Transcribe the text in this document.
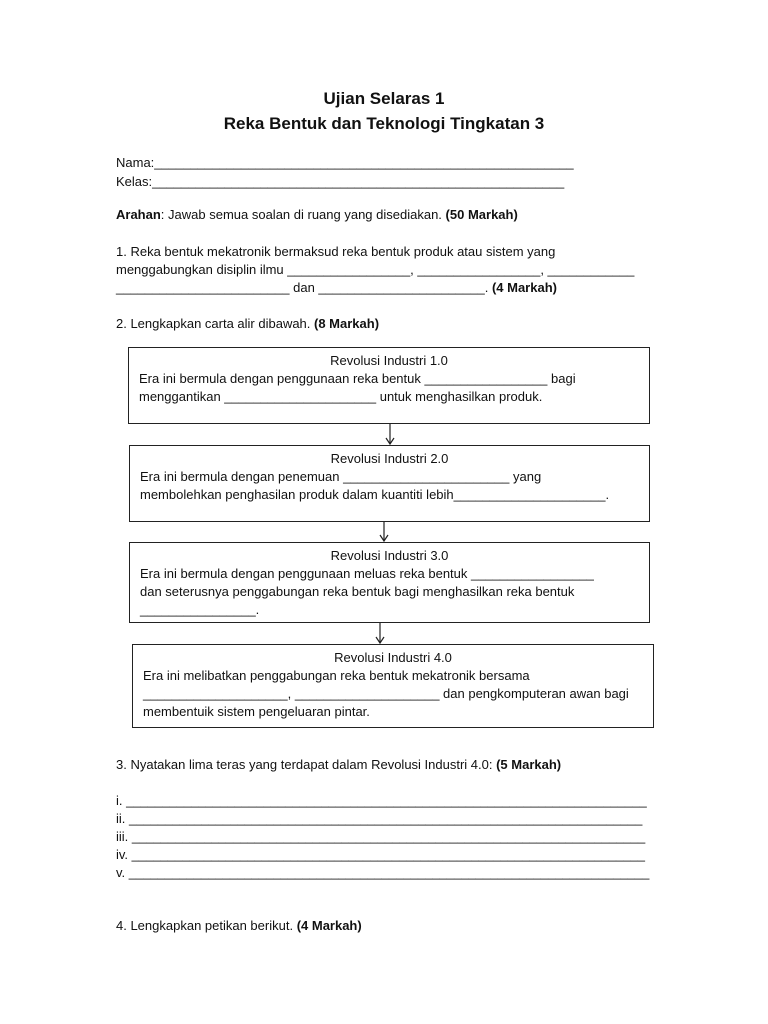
Ujian Selaras 1
Reka Bentuk dan Teknologi Tingkatan 3
Nama:__________________________________________________________
Kelas:_________________________________________________________
Arahan: Jawab semua soalan di ruang yang disediakan. (50 Markah)
1. Reka bentuk mekatronik bermaksud reka bentuk produk atau sistem yang
menggabungkan disiplin ilmu _________________, _________________, ____________
________________________ dan _______________________. (4 Markah)
2. Lengkapkan carta alir dibawah. (8 Markah)
Revolusi Industri 1.0
Era ini bermula dengan penggunaan reka bentuk _________________ bagi
menggantikan _____________________ untuk menghasilkan produk.
Revolusi Industri 2.0
Era ini bermula dengan penemuan _______________________ yang
membolehkan penghasilan produk dalam kuantiti lebih_____________________.
Revolusi Industri 3.0
Era ini bermula dengan penggunaan meluas reka bentuk _________________
dan seterusnya penggabungan reka bentuk bagi menghasilkan reka bentuk
________________.
Revolusi Industri 4.0
Era ini melibatkan penggabungan reka bentuk mekatronik bersama
____________________, ____________________ dan pengkomputeran awan bagi
membentuik sistem pengeluaran pintar.
3. Nyatakan lima teras yang terdapat dalam Revolusi Industri 4.0: (5 Markah)
i. ________________________________________________________________________
ii. _______________________________________________________________________
iii. _______________________________________________________________________
iv. _______________________________________________________________________
v. ________________________________________________________________________
4. Lengkapkan petikan berikut. (4 Markah)
